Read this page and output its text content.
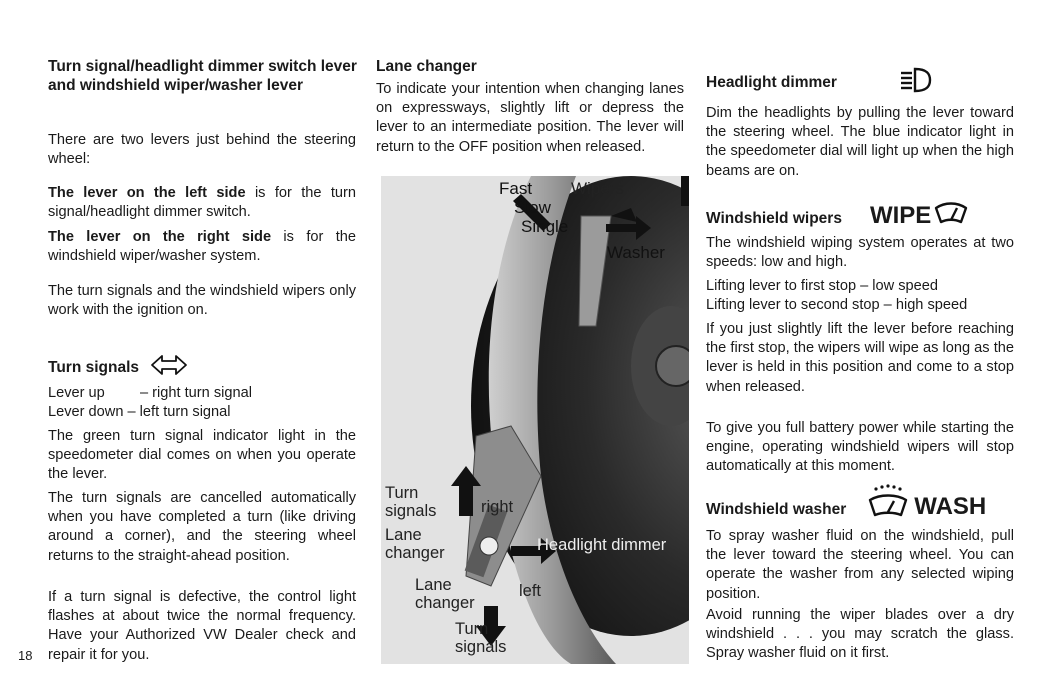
Turn signal/headlight dimmer switch lever and windshield wiper/washer lever

There are two levers just behind the steering wheel:

The lever on the left side is for the turn signal/headlight dimmer switch.

The lever on the right side is for the windshield wiper/washer system.

The turn signals and the windshield wipers only work with the ignition on.

Turn signals
Lever up – right turn signal

Lever down – left turn signal

The green turn signal indicator light in the speedometer dial comes on when you operate the lever.

The turn signals are cancelled automatically when you have completed a turn (like driving around a corner), and the steering wheel returns to the straight-ahead position.

If a turn signal is defective, the control light flashes at about twice the normal frequency. Have your Authorized VW Dealer check and repair it for you.

18
Lane changer

To indicate your intention when changing lanes on expressways, slightly lift or depress the lever to an intermediate position. The lever will return to the OFF position when released.

Fast
Slow
Single
Wipers
Washer
Turn signals
Lane changer
right
Headlight dimmer
Lane changer
left
Turn signals
Headlight dimmer

Dim the headlights by pulling the lever toward the steering wheel. The blue indicator light in the speedometer dial will light up when the high beams are on.

Windshield wipers WIPE

The windshield wiping system operates at two speeds: low and high.

Lifting lever to first stop – low speed

Lifting lever to second stop – high speed

If you just slightly lift the lever before reaching the first stop, the wipers will wipe as long as the lever is held in this position and come to a stop when released.

To give you full battery power while starting the engine, operating windshield wipers will stop automatically at this moment.

Windshield washer	WASH

To spray washer fluid on the windshield, pull the lever toward the steering wheel. You can operate the washer from any selected wiping position.

Avoid running the wiper blades over a dry windshield . . . you may scratch the glass. Spray washer fluid on it first.
